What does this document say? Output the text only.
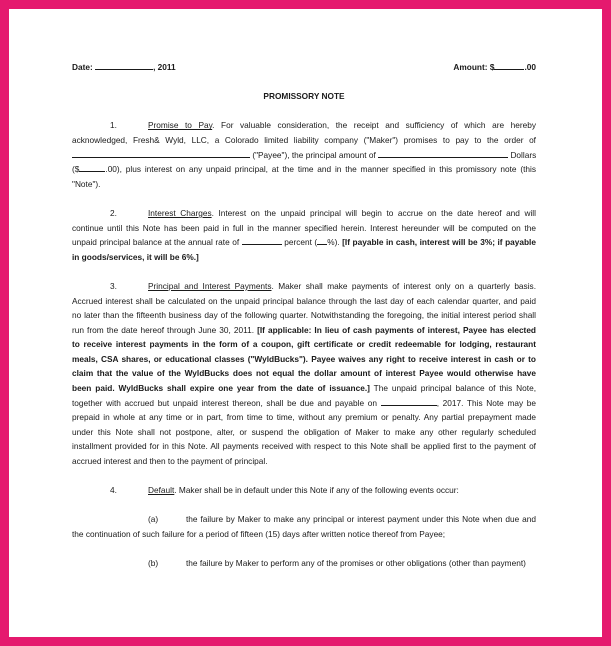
Date:	, 2011	Amount: $	.00
PROMISSORY NOTE
1.	Promise to Pay. For valuable consideration, the receipt and sufficiency of which are hereby
acknowledged, Fresh& Wyld, LLC, a Colorado limited liability company ("Maker") promises to pay to the order of
("Payee"), the principal amount of	Dollars
($	.00), plus interest on any unpaid principal, at the time and in the manner specified in this promissory note (this
"Note").
2.	Interest Charges. Interest on the unpaid principal will begin to accrue on the date hereof and will
continue until this Note has been paid in full in the manner specified herein. Interest hereunder will be computed on the
unpaid principal balance at the annual rate of	percent ( %). [If payable in cash, interest will be 3%; if payable
in goods/services, it will be 6%.]
3.	Principal and Interest Payments. Maker shall make payments of interest only on a quarterly basis.
Accrued interest shall be calculated on the unpaid principal balance through the last day of each calendar quarter, and paid
no later than the fifteenth business day of the following quarter. Notwithstanding the foregoing, the initial interest period shall
run from the date hereof through June 30, 2011. [If applicable: In lieu of cash payments of interest, Payee has elected
to receive interest payments in the form of a coupon, gift certificate or credit redeemable for lodging, restaurant
meals, CSA shares, or educational classes ("WyldBucks"). Payee waives any right to receive interest in cash or to
claim that the value of the WyldBucks does not equal the dollar amount of interest Payee would otherwise have
been paid. WyldBucks shall expire one year from the date of issuance.] The unpaid principal balance of this Note,
together with accrued but unpaid interest thereon, shall be due and payable on	, 2017. This Note may be
prepaid in whole at any time or in part, from time to time, without any premium or penalty. Any partial prepayment made
under this Note shall not postpone, alter, or suspend the obligation of Maker to make any other regularly scheduled
installment provided for in this Note. All payments received with respect to this Note shall be applied first to the payment of
accrued interest and then to the payment of principal.
4.	Default. Maker shall be in default under this Note if any of the following events occur:
(a)	the failure by Maker to make any principal or interest payment under this Note when due and
the continuation of such failure for a period of fifteen (15) days after written notice thereof from Payee;
(b)	the failure by Maker to perform any of the promises or other obligations (other than payment)
